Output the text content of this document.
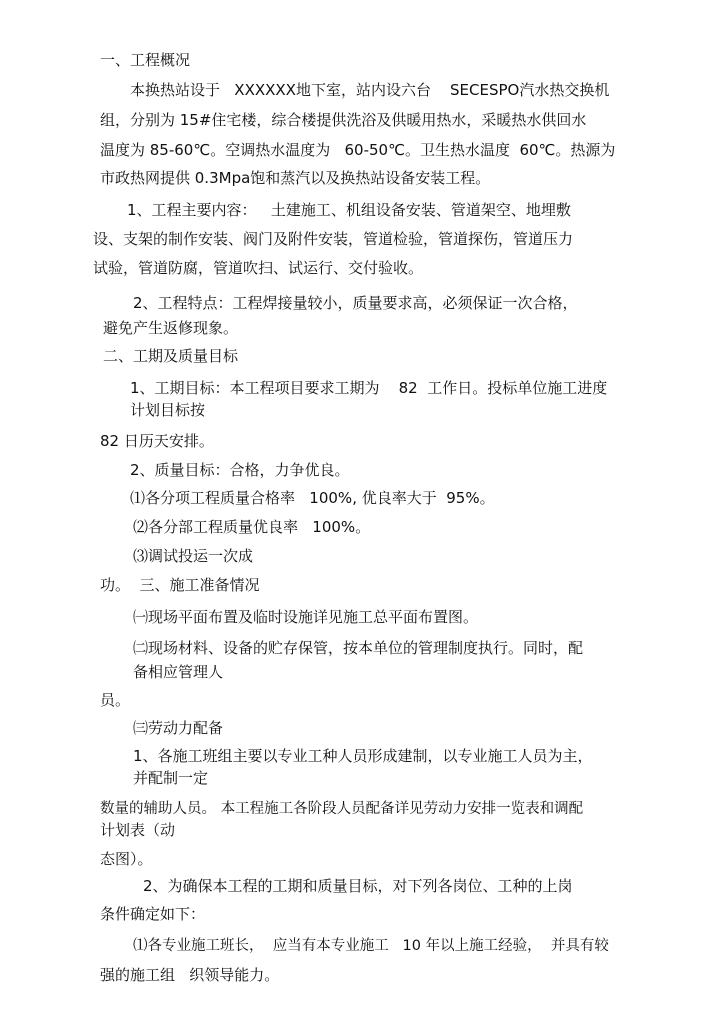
一、工程概况
本换热站设于   XXXXXX地下室，站内设六台    SECESPO汽水热交换机
组，分别为 15#住宅楼，综合楼提供洗浴及供暖用热水，采暖热水供回水
温度为 85-60℃。空调热水温度为   60-50℃。卫生热水温度  60℃。热源为
市政热网提供 0.3Mpa饱和蒸汽以及换热站设备安装工程。
1、工程主要内容：   土建施工、机组设备安装、管道架空、地埋敷
设、支架的制作安装、阀门及附件安装，管道检验，管道探伤，管道压力
试验，管道防腐，管道吹扫、试运行、交付验收。
2、工程特点：工程焊接量较小，质量要求高，必须保证一次合格，
避免产生返修现象。
二、工期及质量目标
1、工期目标：本工程项目要求工期为    82  工作日。投标单位施工进度
计划目标按
82 日历天安排。
2、质量目标：合格，力争优良。
⑴各分项工程质量合格率   100%, 优良率大于  95%。
⑵各分部工程质量优良率   100%。
⑶调试投运一次成
功。  三、施工准备情况
㈠现场平面布置及临时设施详见施工总平面布置图。
㈡现场材料、设备的贮存保管，按本单位的管理制度执行。同时，配
备相应管理人
员。
㈢劳动力配备
1、各施工班组主要以专业工种人员形成建制，以专业施工人员为主，
并配制一定
数量的辅助人员。 本工程施工各阶段人员配备详见劳动力安排一览表和调配
计划表（动
态图）。
2、为确保本工程的工期和质量目标，对下列各岗位、工种的上岗
条件确定如下：
⑴各专业施工班长，  应当有本专业施工   10 年以上施工经验，  并具有较
强的施工组   织领导能力。
